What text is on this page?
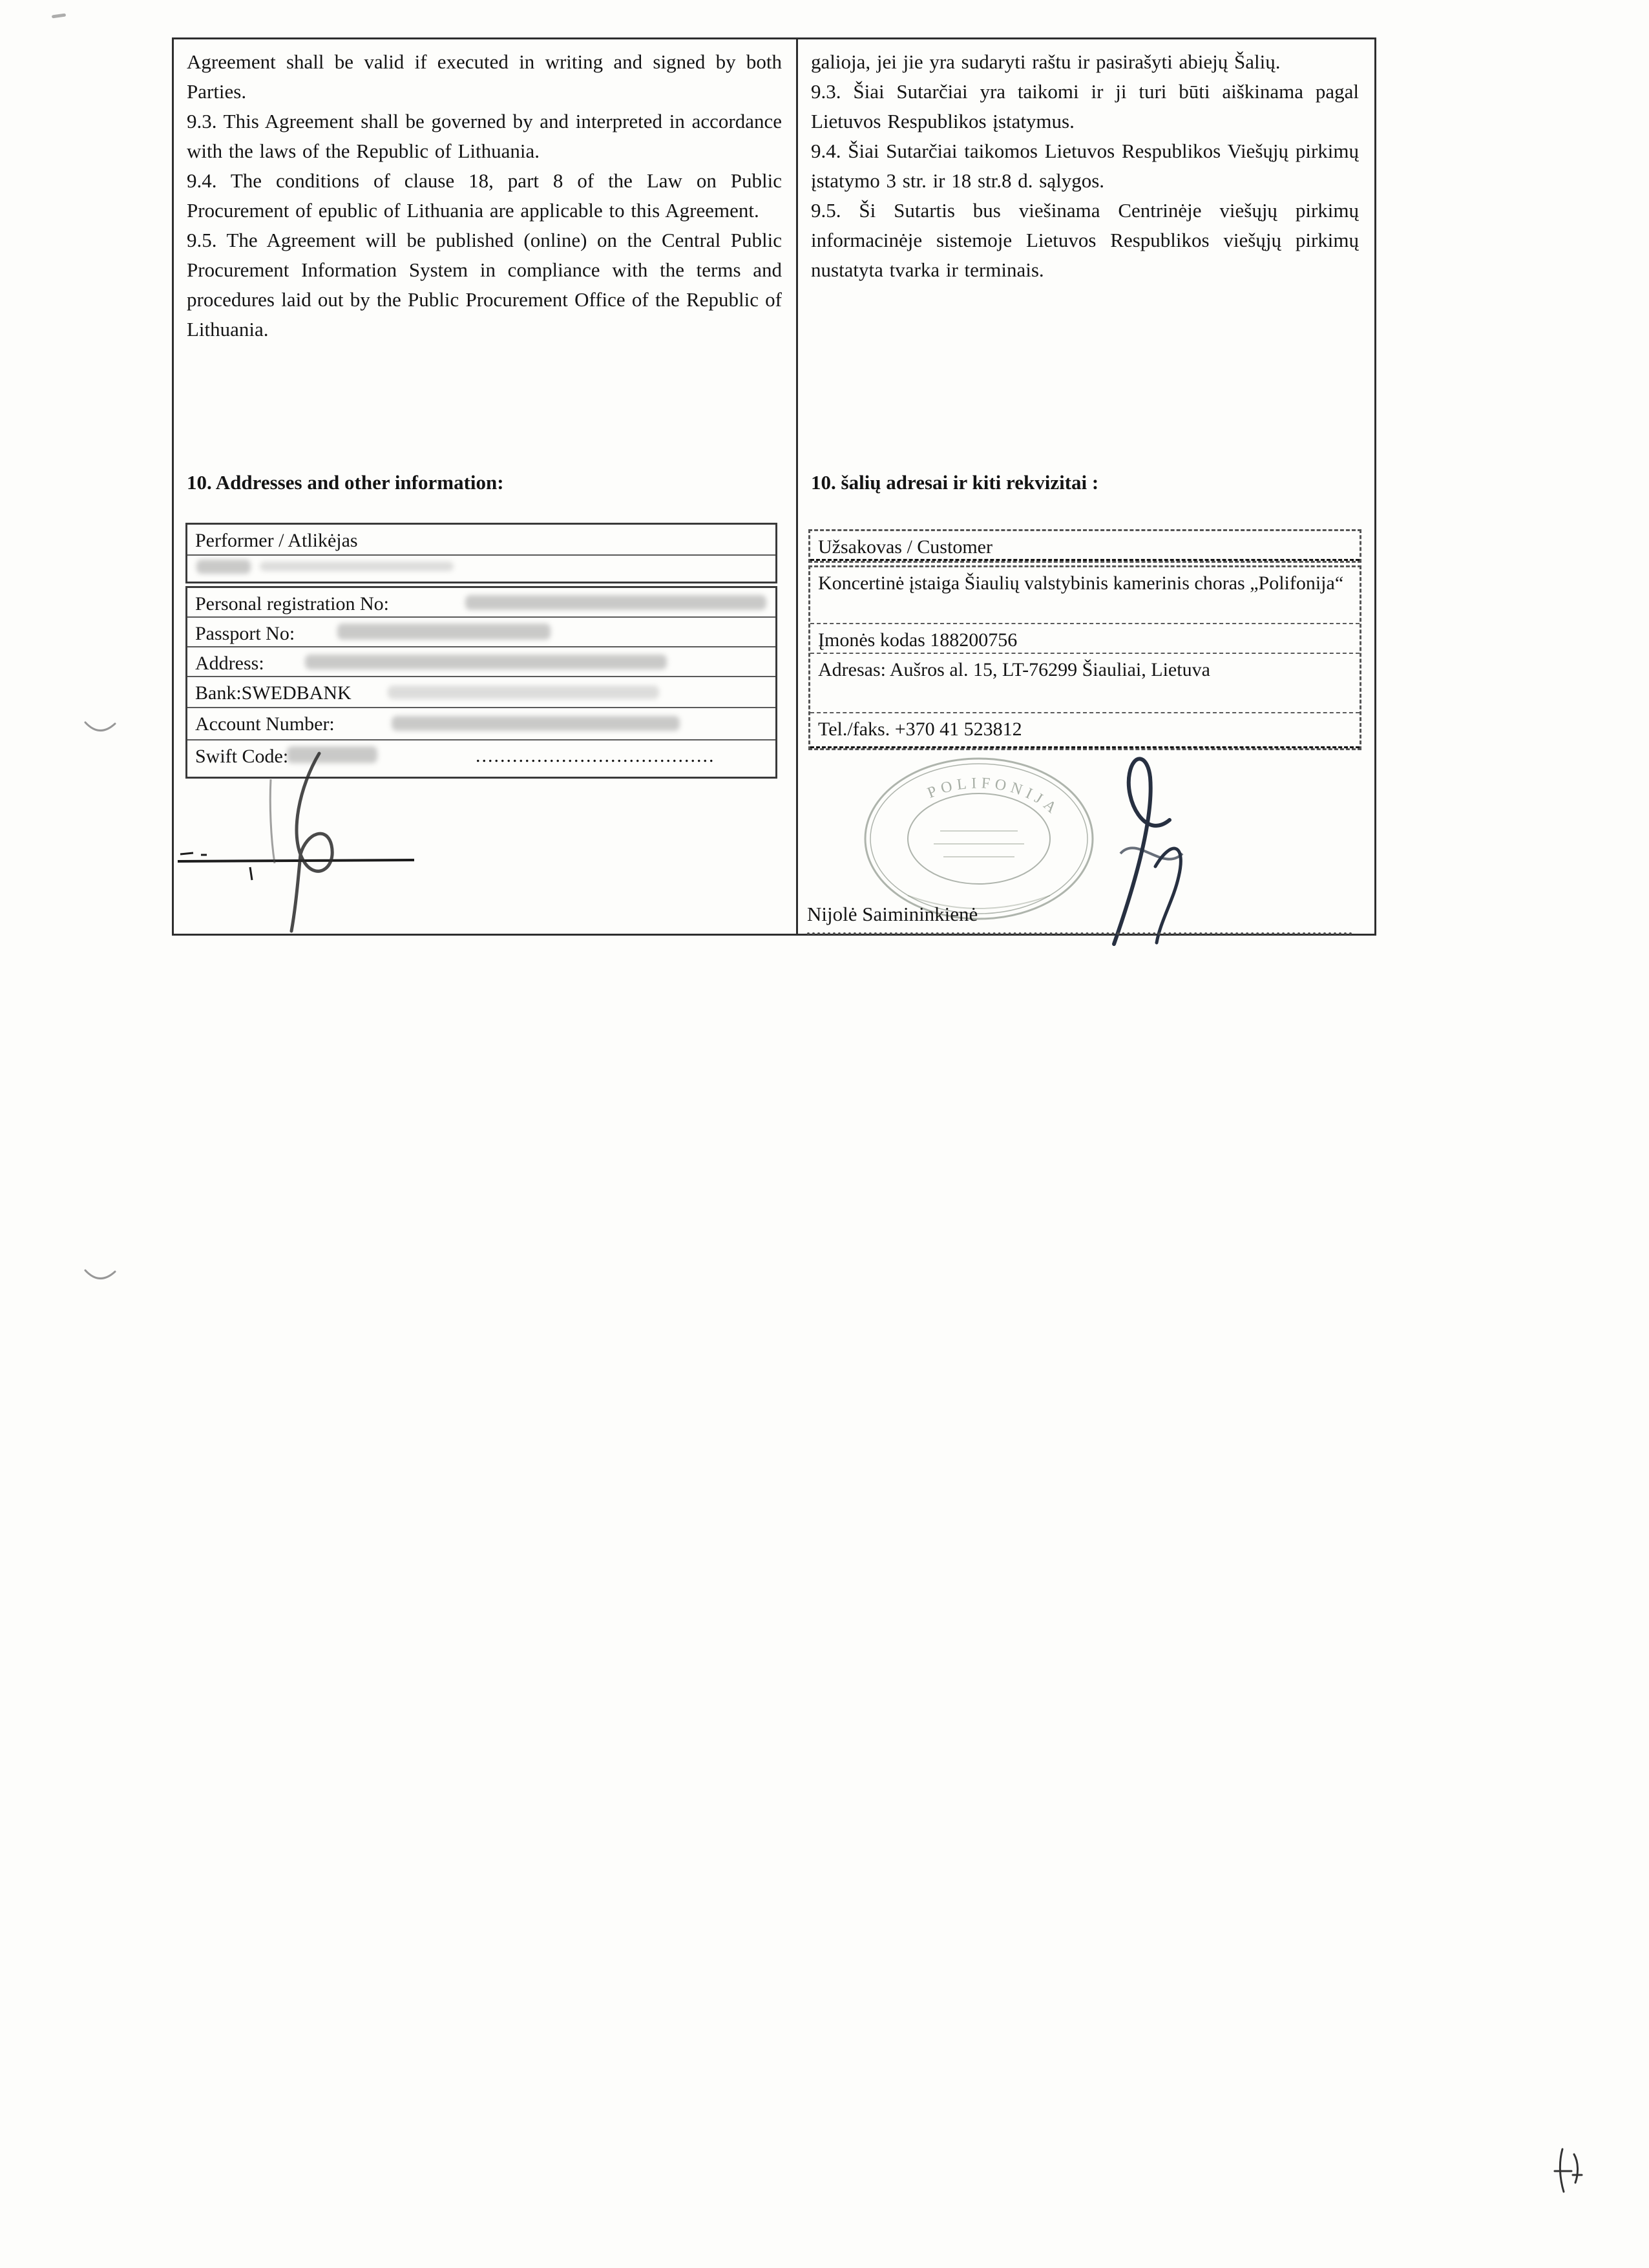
Agreement shall be valid if executed in writing and signed by both Parties.

9.3. This Agreement shall be governed by and interpreted in accordance with the laws of the Republic of Lithuania.

9.4. The conditions of clause 18, part 8 of the Law on Public Procurement of epublic of Lithuania are applicable to this Agreement.

9.5. The Agreement will be published (online) on the Central Public Procurement Information System in compliance with the terms and procedures laid out by the Public Procurement Office of the Republic of Lithuania.

10. Addresses and other information:
Performer / Atlikėjas
Personal registration No:
Passport No:
Address:
Bank:SWEDBANK
Account Number:
Swift Code:	.......................................

galioja, jei jie yra sudaryti raštu ir pasirašyti abiejų Šalių.

9.3. Šiai Sutarčiai yra taikomi ir ji turi būti aiškinama pagal Lietuvos Respublikos įstatymus.

9.4. Šiai Sutarčiai taikomos Lietuvos Respublikos Viešųjų pirkimų įstatymo 3 str. ir 18 str.8 d. sąlygos.

9.5. Ši Sutartis bus viešinama Centrinėje viešųjų pirkimų informacinėje sistemoje Lietuvos Respublikos viešųjų pirkimų nustatyta tvarka ir terminais.

10. šalių adresai ir kiti rekvizitai :
Užsakovas / Customer
Koncertinė įstaiga Šiaulių valstybinis kamerinis choras „Polifonija“
Įmonės kodas 188200756
Adresas: Aušros al. 15, LT-76299 Šiauliai, Lietuva
Tel./faks. +370 41 523812
POLIFONIJA
Nijolė Saimininkienė
